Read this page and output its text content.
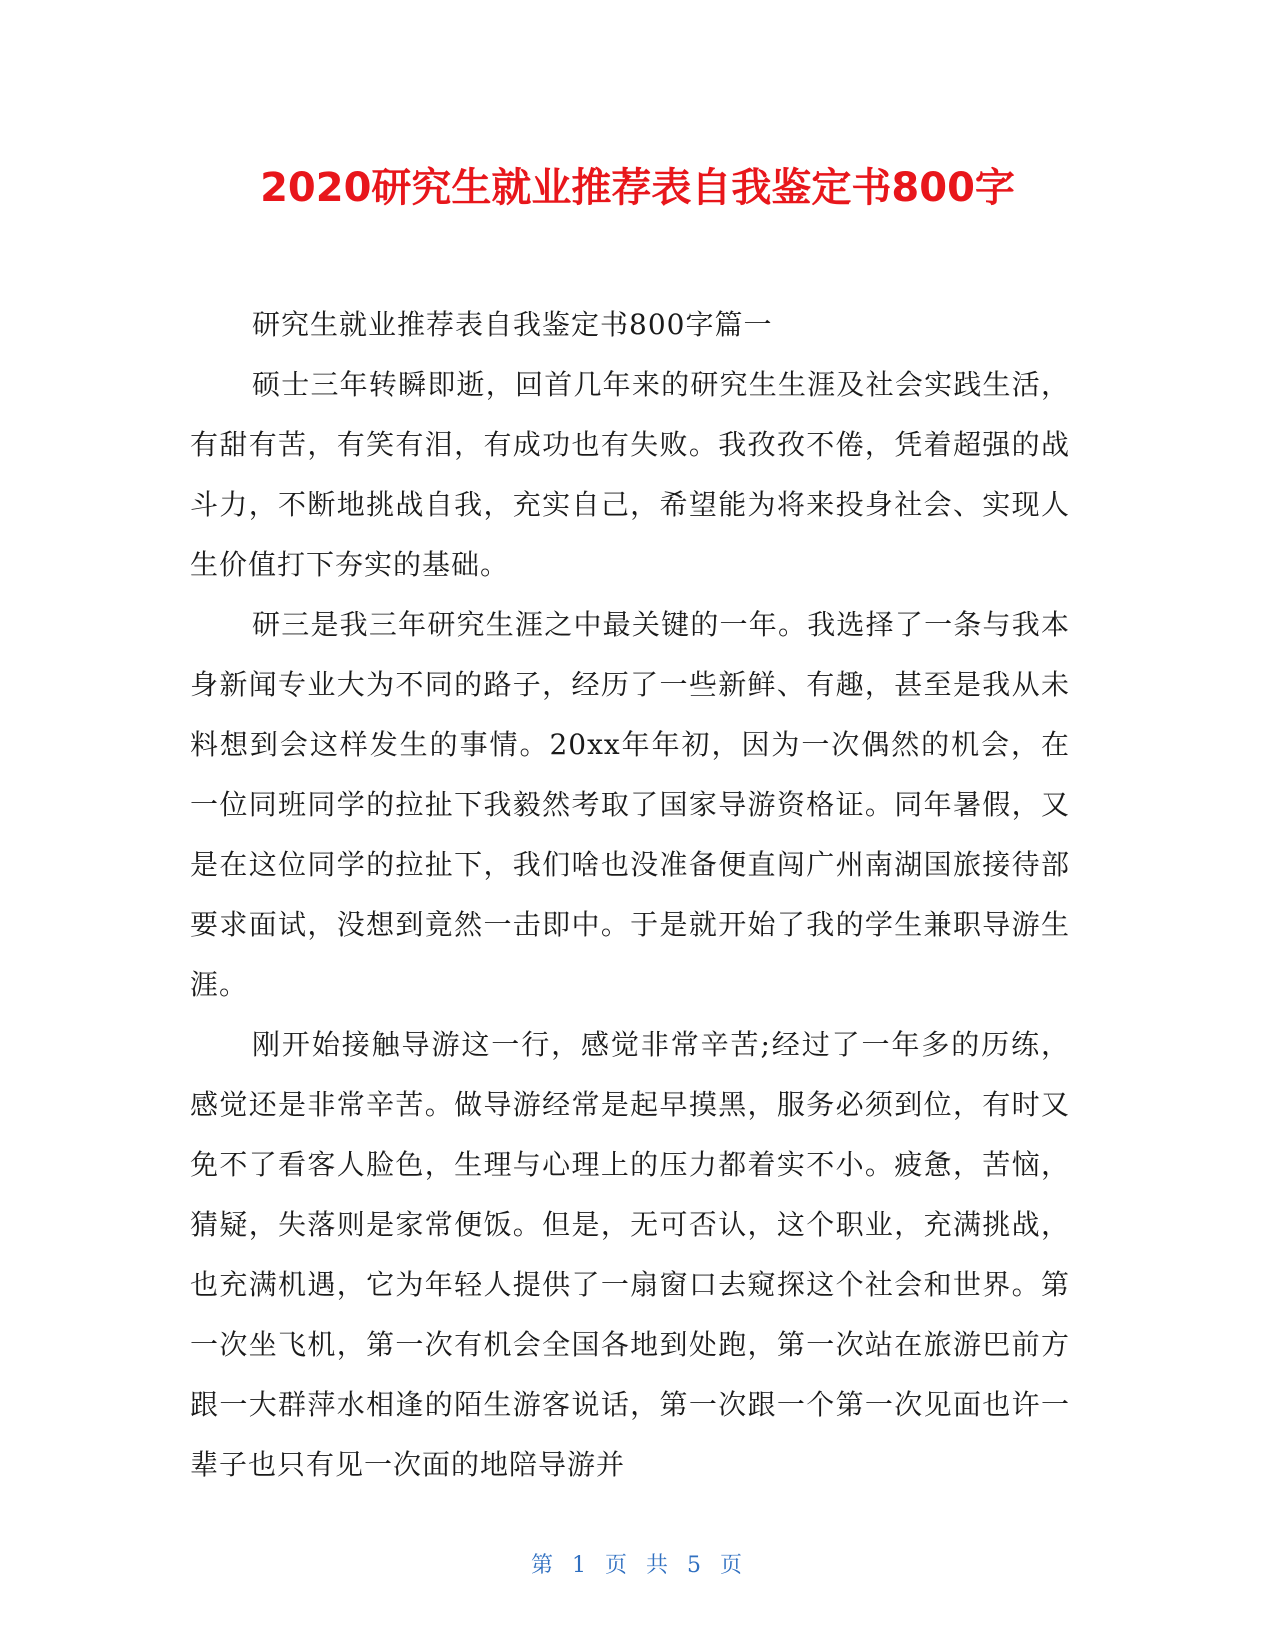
2020研究生就业推荐表自我鉴定书800字

研究生就业推荐表自我鉴定书800字篇一

硕士三年转瞬即逝，回首几年来的研究生生涯及社会实践生活，有甜有苦，有笑有泪，有成功也有失败。我孜孜不倦，凭着超强的战斗力，不断地挑战自我，充实自己，希望能为将来投身社会、实现人生价值打下夯实的基础。

研三是我三年研究生涯之中最关键的一年。我选择了一条与我本身新闻专业大为不同的路子，经历了一些新鲜、有趣，甚至是我从未料想到会这样发生的事情。20xx年年初，因为一次偶然的机会，在一位同班同学的拉扯下我毅然考取了国家导游资格证。同年暑假，又是在这位同学的拉扯下，我们啥也没准备便直闯广州南湖国旅接待部要求面试，没想到竟然一击即中。于是就开始了我的学生兼职导游生涯。

刚开始接触导游这一行，感觉非常辛苦;经过了一年多的历练，感觉还是非常辛苦。做导游经常是起早摸黑，服务必须到位，有时又免不了看客人脸色，生理与心理上的压力都着实不小。疲惫，苦恼，猜疑，失落则是家常便饭。但是，无可否认，这个职业，充满挑战，也充满机遇，它为年轻人提供了一扇窗口去窥探这个社会和世界。第一次坐飞机，第一次有机会全国各地到处跑，第一次站在旅游巴前方跟一大群萍水相逢的陌生游客说话，第一次跟一个第一次见面也许一辈子也只有见一次面的地陪导游并

第 1 页 共 5 页
